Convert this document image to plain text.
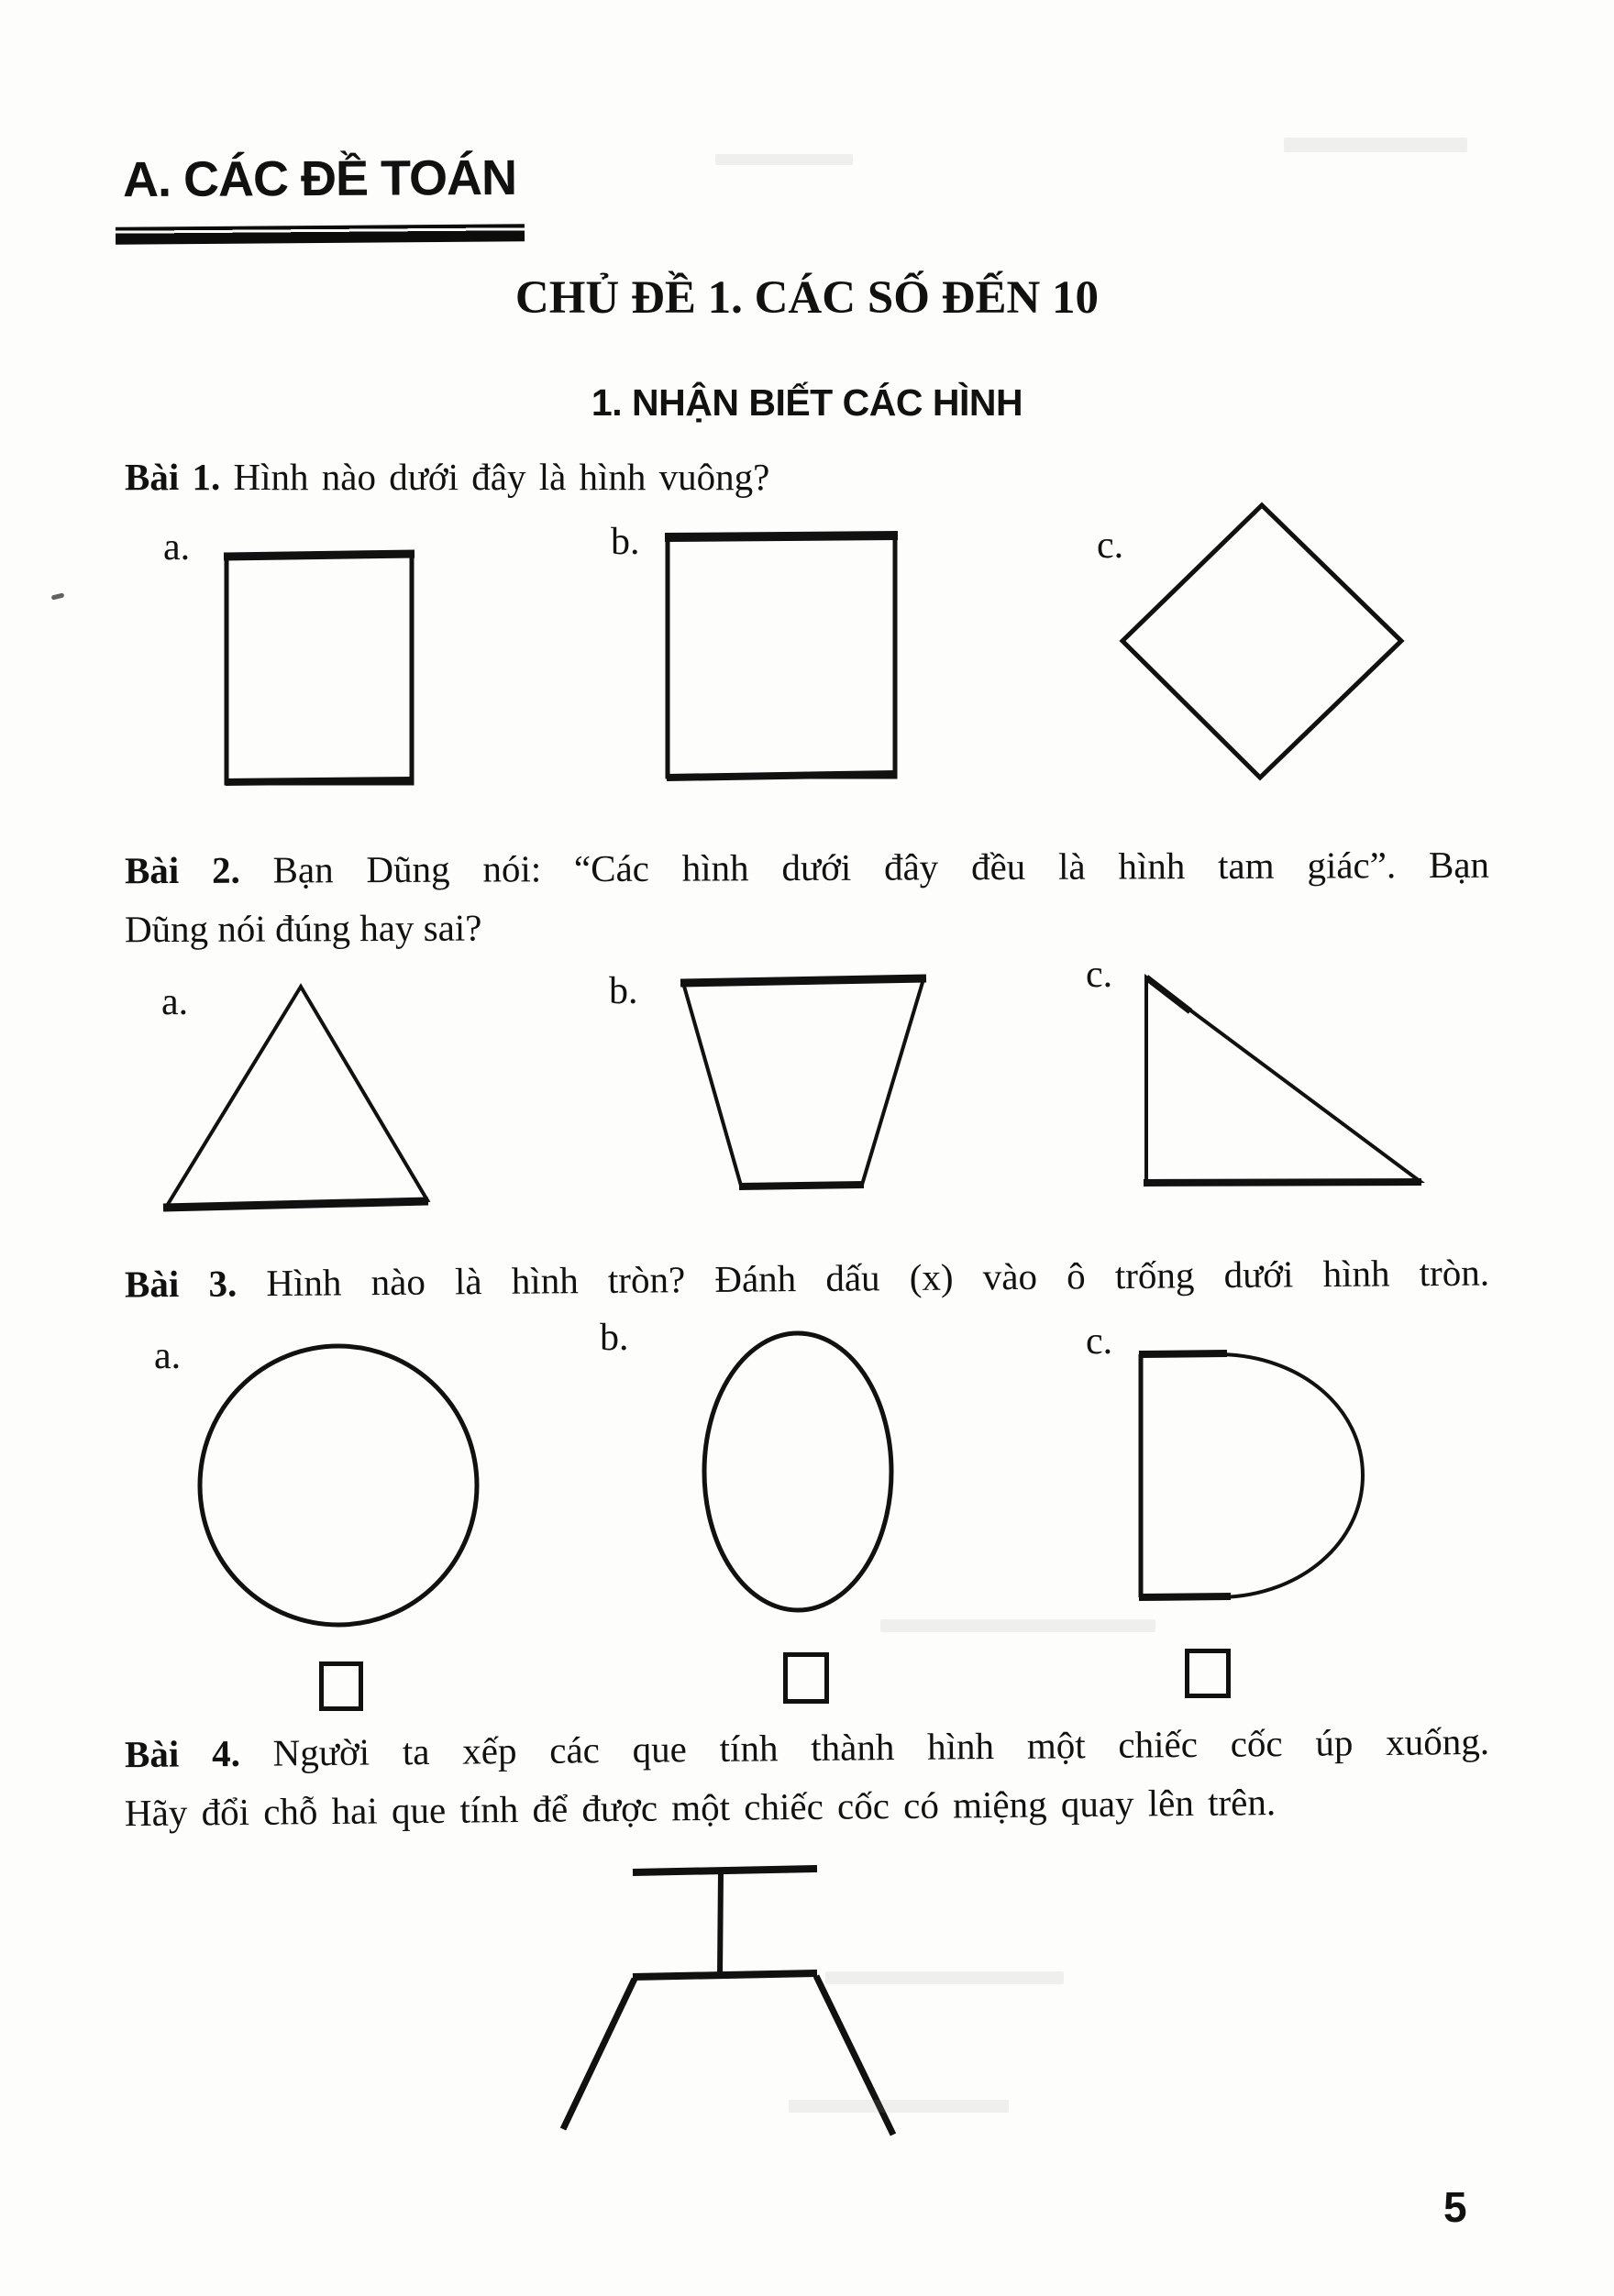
A. CÁC ĐỀ TOÁN
CHỦ ĐỀ 1. CÁC SỐ ĐẾN 10
1. NHẬN BIẾT CÁC HÌNH
Bài 1. Hình nào dưới đây là hình vuông?
a.	b.	c.
Bài 2. Bạn Dũng nói: “Các hình dưới đây đều là hình tam giác”. Bạn
Dũng nói đúng hay sai?
a.	b.	c.
Bài 3. Hình nào là hình tròn? Đánh dấu (x) vào ô trống dưới hình tròn.
a.	b.	c.
Bài 4. Người ta xếp các que tính thành hình một chiếc cốc úp xuống.
Hãy đổi chỗ hai que tính để được một chiếc cốc có miệng quay lên trên.
5
